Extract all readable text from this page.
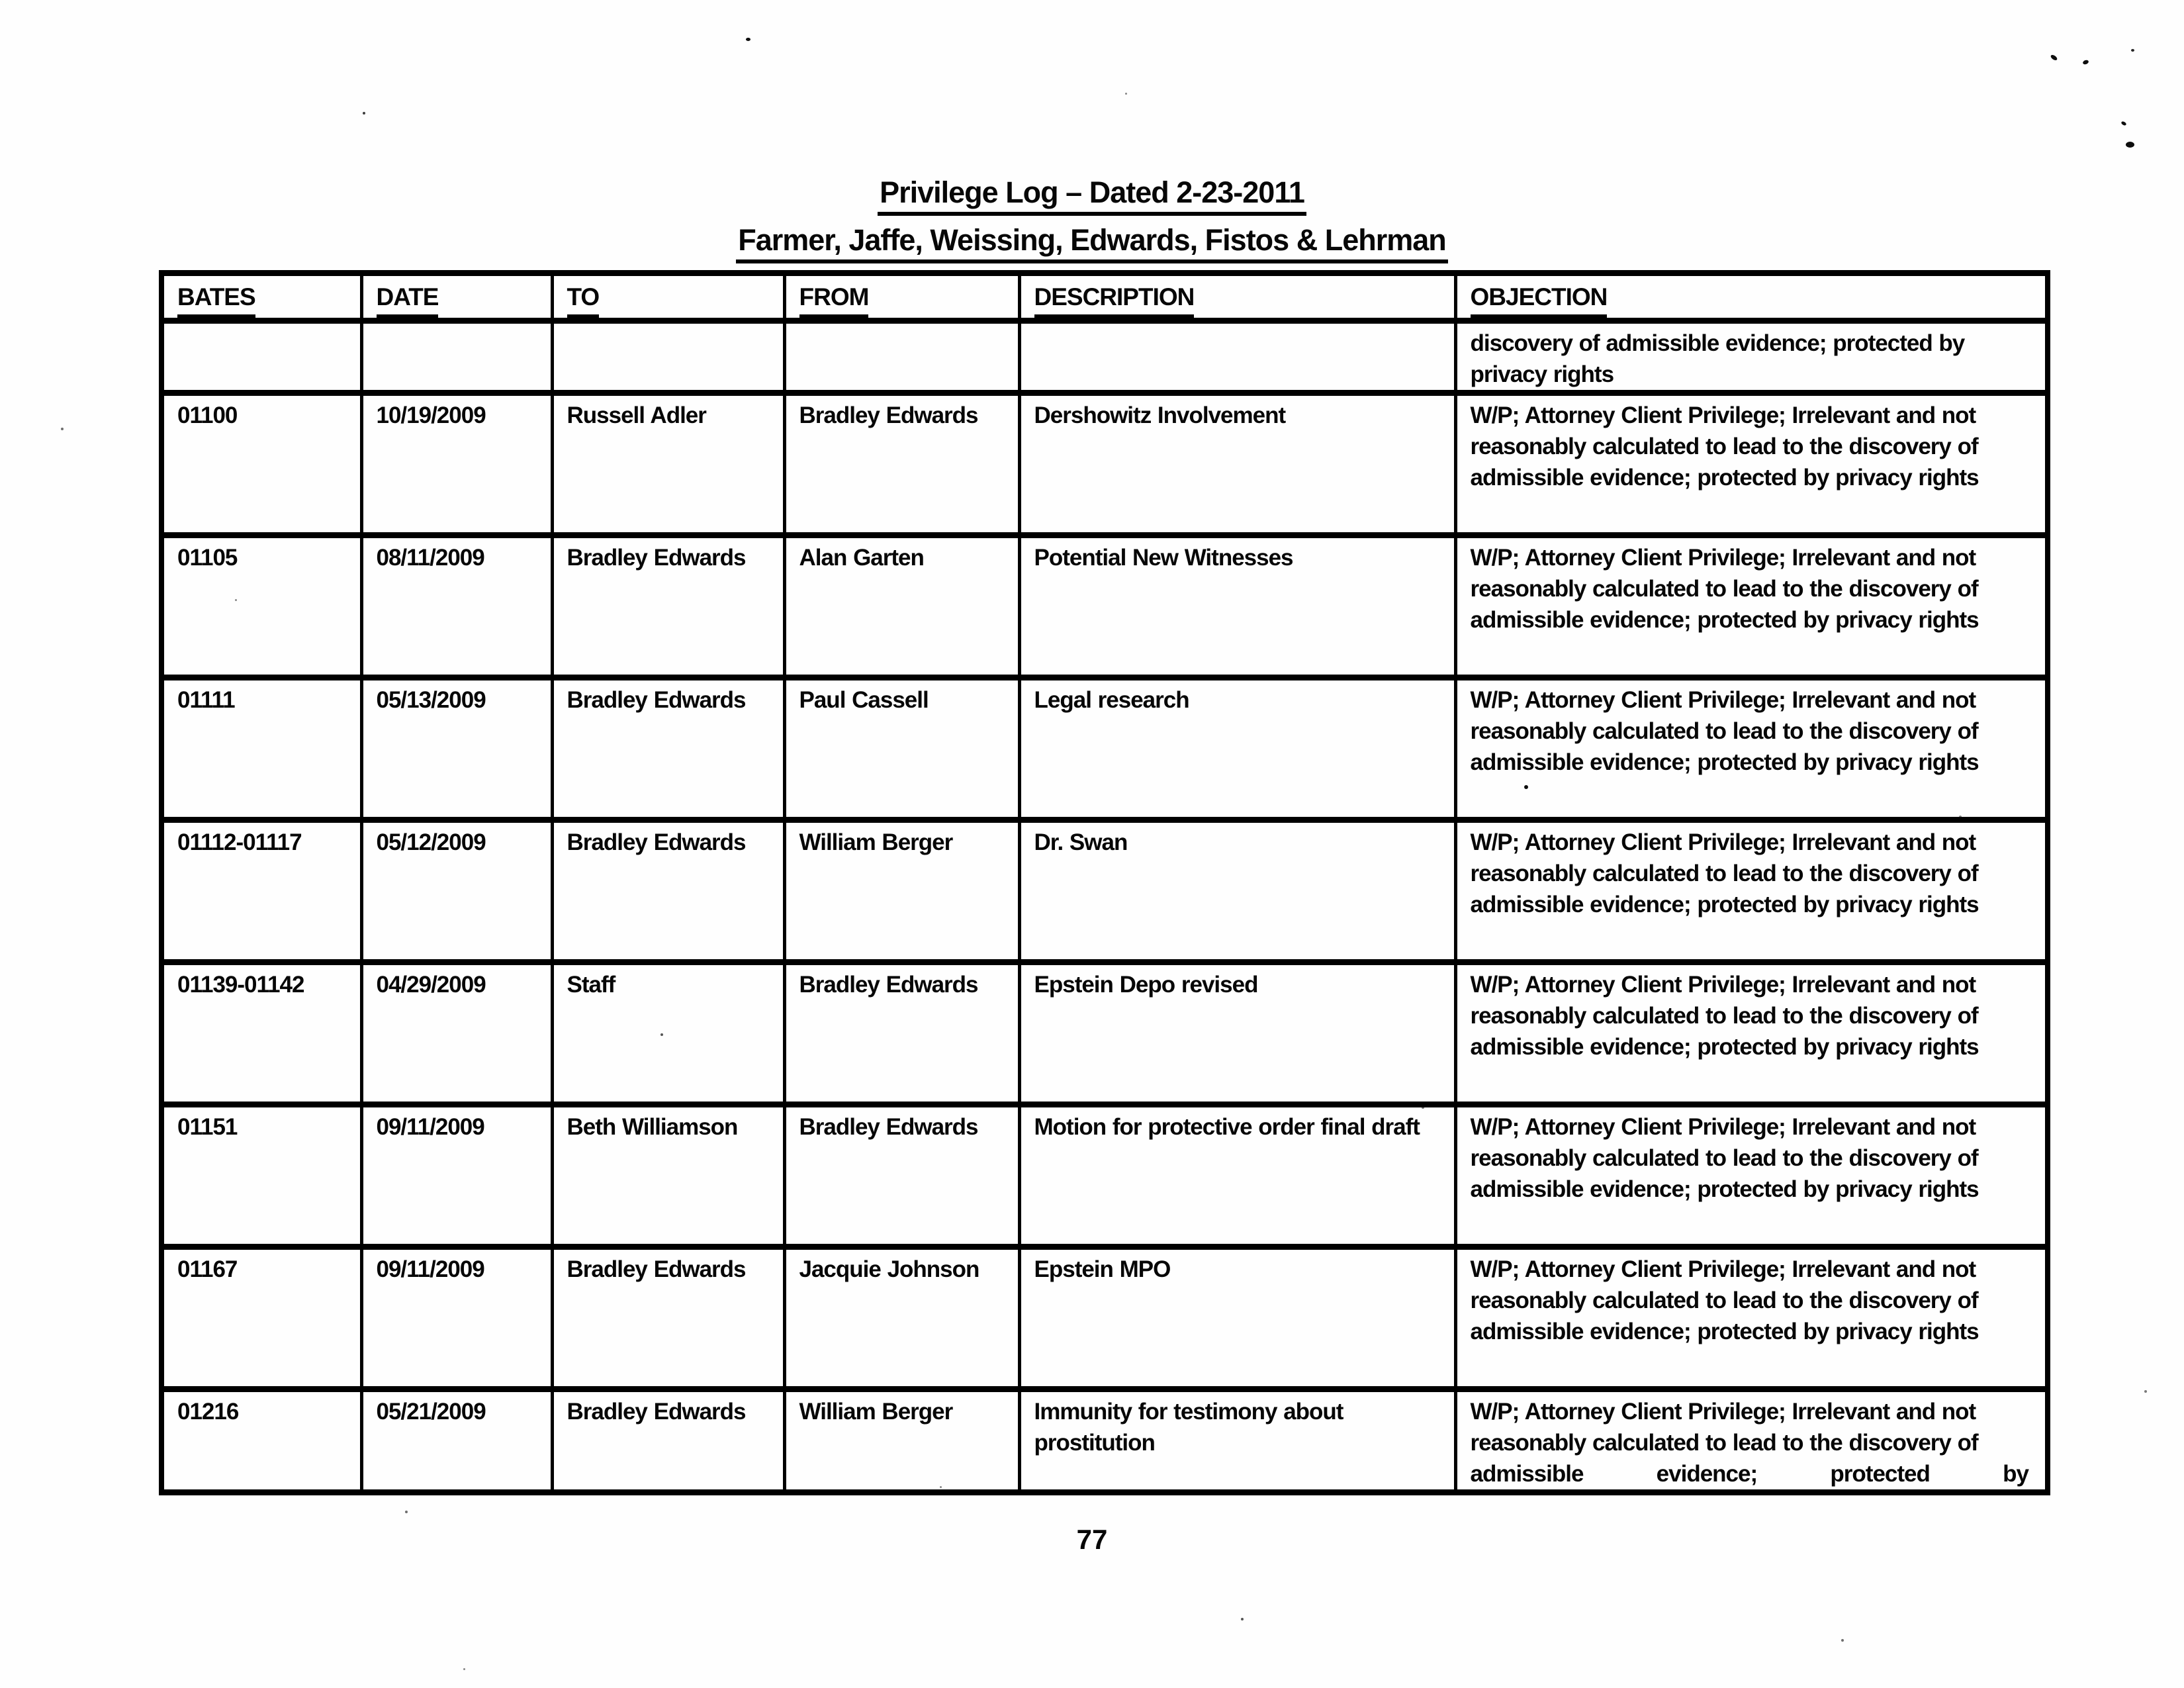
Privilege Log – Dated 2-23-2011
Farmer, Jaffe, Weissing, Edwards, Fistos & Lehrman
BATES	DATE	TO	FROM	DESCRIPTION	OBJECTION
					discovery of admissible evidence; protected by privacy rights
01100	10/19/2009	Russell Adler	Bradley Edwards	Dershowitz Involvement	W/P; Attorney Client Privilege; Irrelevant and not reasonably calculated to lead to the discovery of admissible evidence; protected by privacy rights
01105	08/11/2009	Bradley Edwards	Alan Garten	Potential New Witnesses	W/P; Attorney Client Privilege; Irrelevant and not reasonably calculated to lead to the discovery of admissible evidence; protected by privacy rights
01111	05/13/2009	Bradley Edwards	Paul Cassell	Legal research	W/P; Attorney Client Privilege; Irrelevant and not reasonably calculated to lead to the discovery of admissible evidence; protected by privacy rights
01112-01117	05/12/2009	Bradley Edwards	William Berger	Dr. Swan	W/P; Attorney Client Privilege; Irrelevant and not reasonably calculated to lead to the discovery of admissible evidence; protected by privacy rights
01139-01142	04/29/2009	Staff	Bradley Edwards	Epstein Depo revised	W/P; Attorney Client Privilege; Irrelevant and not reasonably calculated to lead to the discovery of admissible evidence; protected by privacy rights
01151	09/11/2009	Beth Williamson	Bradley Edwards	Motion for protective order final draft	W/P; Attorney Client Privilege; Irrelevant and not reasonably calculated to lead to the discovery of admissible evidence; protected by privacy rights
01167	09/11/2009	Bradley Edwards	Jacquie Johnson	Epstein MPO	W/P; Attorney Client Privilege; Irrelevant and not reasonably calculated to lead to the discovery of admissible evidence; protected by privacy rights
01216	05/21/2009	Bradley Edwards	William Berger	Immunity for testimony about prostitution	W/P; Attorney Client Privilege; Irrelevant and not reasonably calculated to lead to the discovery of admissible evidence; protected by
77
